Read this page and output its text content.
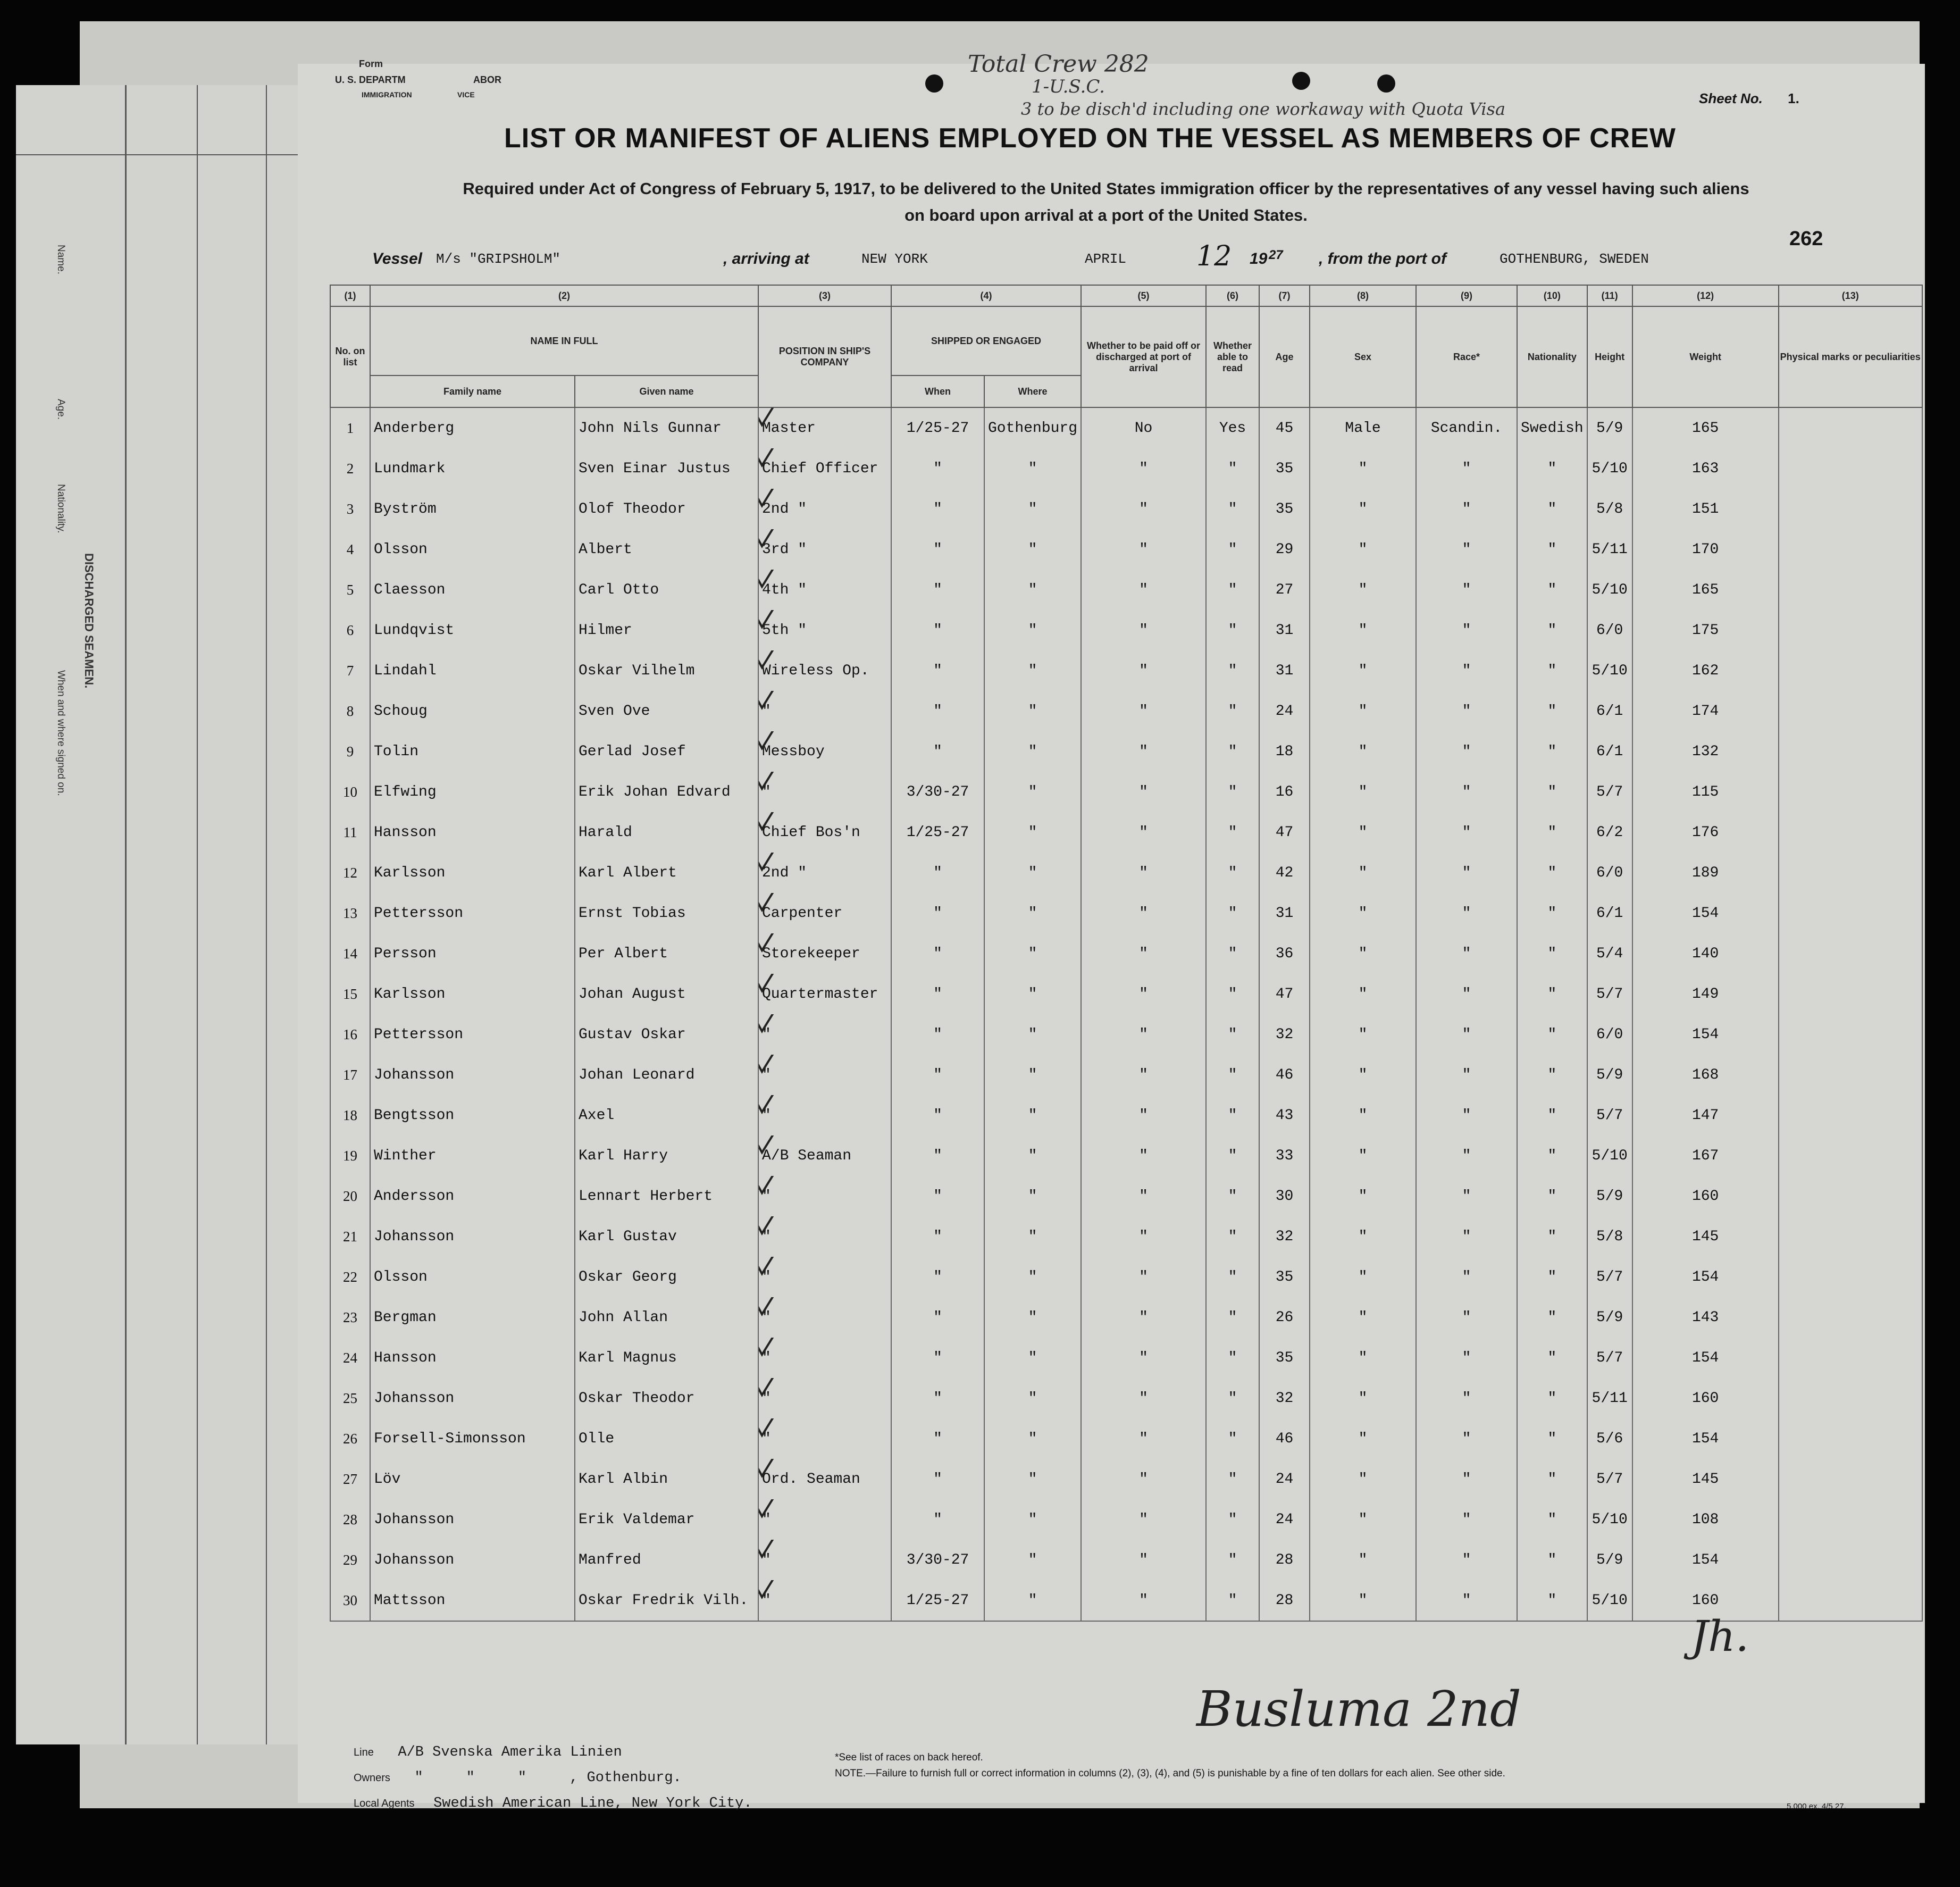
Name.
Age.
Nationality.
DISCHARGED SEAMEN.
When and where signed on.
Form
U. S. DEPARTM	ABOR
IMMIGRATION	VICE
Total Crew 282
1-U.S.C.
3 to be disch'd including one workaway with Quota Visa
Sheet No. 1.
LIST OR MANIFEST OF ALIENS EMPLOYED ON THE VESSEL AS MEMBERS OF CREW
Required under Act of Congress of February 5, 1917, to be delivered to the United States immigration officer by the representatives of any vessel having such aliens
on board upon arrival at a port of the United States.
262
Vessel M/s "GRIPSHOLM"	, arriving at	NEW YORK	APRIL	12 19 27 , from the port of	GOTHENBURG, SWEDEN
(1)	(2)		(3)	(4)		(5)	(6)	(7)	(8)	(9)	(10)	(11)	(12)	(13)
No. on list	NAME IN FULL		POSITION IN SHIP'S COMPANY	SHIPPED OR ENGAGED		Whether to be paid off or discharged at port of arrival	Whether able to read	Age	Sex	Race*	Nationality	Height	Weight	Physical marks or peculiarities
	Family name	Given name		When	Where									
1	Anderberg	John Nils Gunnar	Master	1/25-27	Gothenburg	No	Yes	45	Male	Scandin.	Swedish	5/9	165	
2	Lundmark	Sven Einar Justus	Chief Officer	"	"	"	"	35	"	"	"	5/10	163	
3	Byström	Olof Theodor	2nd "	"	"	"	"	35	"	"	"	5/8	151	
4	Olsson	Albert	3rd "	"	"	"	"	29	"	"	"	5/11	170	
5	Claesson	Carl Otto	4th "	"	"	"	"	27	"	"	"	5/10	165	
6	Lundqvist	Hilmer	5th "	"	"	"	"	31	"	"	"	6/0	175	
7	Lindahl	Oskar Vilhelm	Wireless Op.	"	"	"	"	31	"	"	"	5/10	162	
8	Schoug	Sven Ove	"	"	"	"	"	24	"	"	"	6/1	174	
9	Tolin	Gerlad Josef	Messboy	"	"	"	"	18	"	"	"	6/1	132	
10	Elfwing	Erik Johan Edvard	"	3/30-27	"	"	"	16	"	"	"	5/7	115	
11	Hansson	Harald	Chief Bos'n	1/25-27	"	"	"	47	"	"	"	6/2	176	
12	Karlsson	Karl Albert	2nd "	"	"	"	"	42	"	"	"	6/0	189	
13	Pettersson	Ernst Tobias	Carpenter	"	"	"	"	31	"	"	"	6/1	154	
14	Persson	Per Albert	Storekeeper	"	"	"	"	36	"	"	"	5/4	140	
15	Karlsson	Johan August	Quartermaster	"	"	"	"	47	"	"	"	5/7	149	
16	Pettersson	Gustav Oskar	"	"	"	"	"	32	"	"	"	6/0	154	
17	Johansson	Johan Leonard	"	"	"	"	"	46	"	"	"	5/9	168	
18	Bengtsson	Axel	"	"	"	"	"	43	"	"	"	5/7	147	
19	Winther	Karl Harry	A/B Seaman	"	"	"	"	33	"	"	"	5/10	167	
20	Andersson	Lennart Herbert	"	"	"	"	"	30	"	"	"	5/9	160	
21	Johansson	Karl Gustav	"	"	"	"	"	32	"	"	"	5/8	145	
22	Olsson	Oskar Georg	"	"	"	"	"	35	"	"	"	5/7	154	
23	Bergman	John Allan	"	"	"	"	"	26	"	"	"	5/9	143	
24	Hansson	Karl Magnus	"	"	"	"	"	35	"	"	"	5/7	154	
25	Johansson	Oskar Theodor	"	"	"	"	"	32	"	"	"	5/11	160	
26	Forsell-Simonsson	Olle	"	"	"	"	"	46	"	"	"	5/6	154	
27	Löv	Karl Albin	Ord. Seaman	"	"	"	"	24	"	"	"	5/7	145	
28	Johansson	Erik Valdemar	"	"	"	"	"	24	"	"	"	5/10	108	
29	Johansson	Manfred	"	3/30-27	"	"	"	28	"	"	"	5/9	154	
30	Mattsson	Oskar Fredrik Vilh.	"	1/25-27	"	"	"	28	"	"	"	5/10	160	
Line A/B Svenska Amerika Linien
Owners "     "     "     , Gothenburg.
Local Agents Swedish American Line, New York City.
*See list of races on back hereof.
NOTE.—Failure to furnish full or correct information in columns (2), (3), (4), and (5) is punishable by a fine of ten dollars for each alien. See other side.
Busluma 2nd
Jh.
5,000 ex. 4/5 27.
